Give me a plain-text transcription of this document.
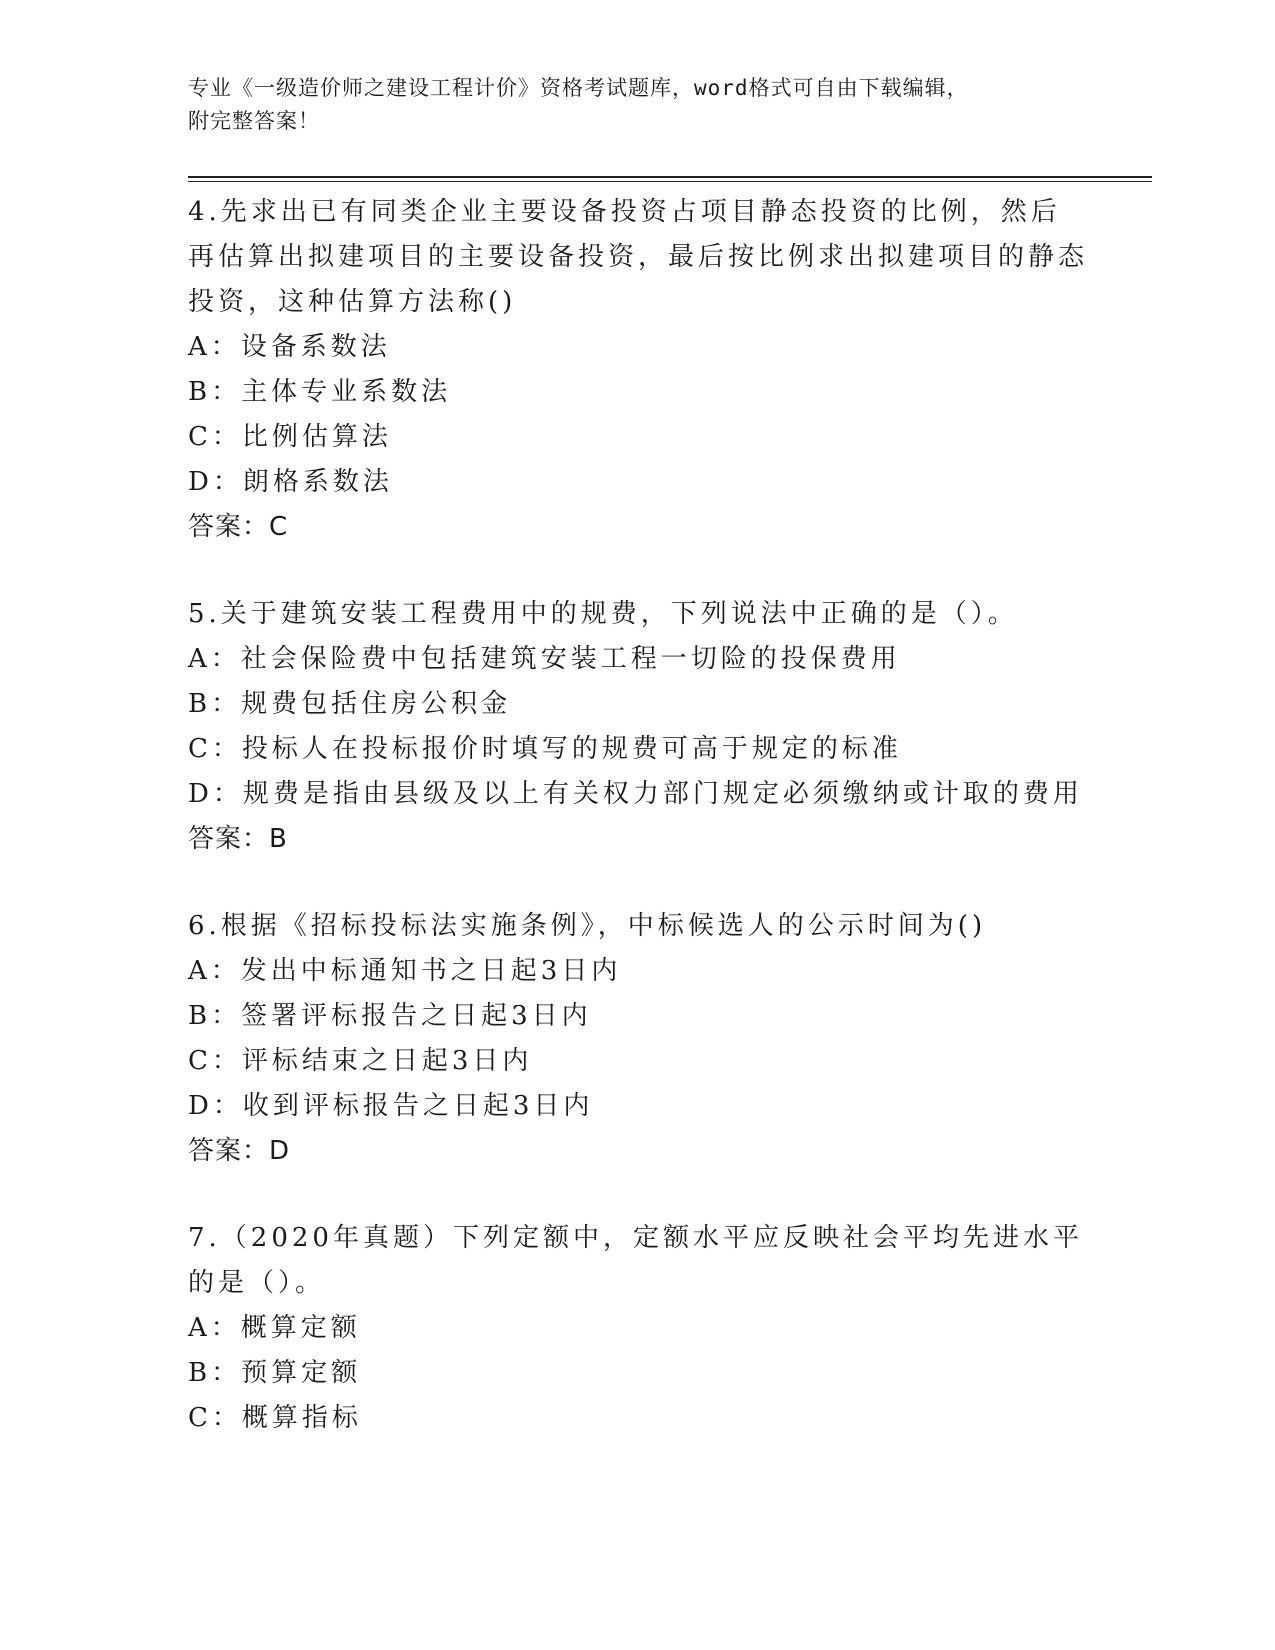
专业《一级造价师之建设工程计价》资格考试题库，word格式可自由下载编辑，
附完整答案！

4.先求出已有同类企业主要设备投资占项目静态投资的比例，然后再估算出拟建项目的主要设备投资，最后按比例求出拟建项目的静态投资，这种估算方法称()

A：设备系数法

B：主体专业系数法

C：比例估算法

D：朗格系数法

答案：C

5.关于建筑安装工程费用中的规费，下列说法中正确的是（）。

A：社会保险费中包括建筑安装工程一切险的投保费用

B：规费包括住房公积金

C：投标人在投标报价时填写的规费可高于规定的标准

D：规费是指由县级及以上有关权力部门规定必须缴纳或计取的费用

答案：B

6.根据《招标投标法实施条例》，中标候选人的公示时间为()

A：发出中标通知书之日起3日内

B：签署评标报告之日起3日内

C：评标结束之日起3日内

D：收到评标报告之日起3日内

答案：D

7.（2020年真题）下列定额中，定额水平应反映社会平均先进水平的是（）。

A：概算定额

B：预算定额

C：概算指标
